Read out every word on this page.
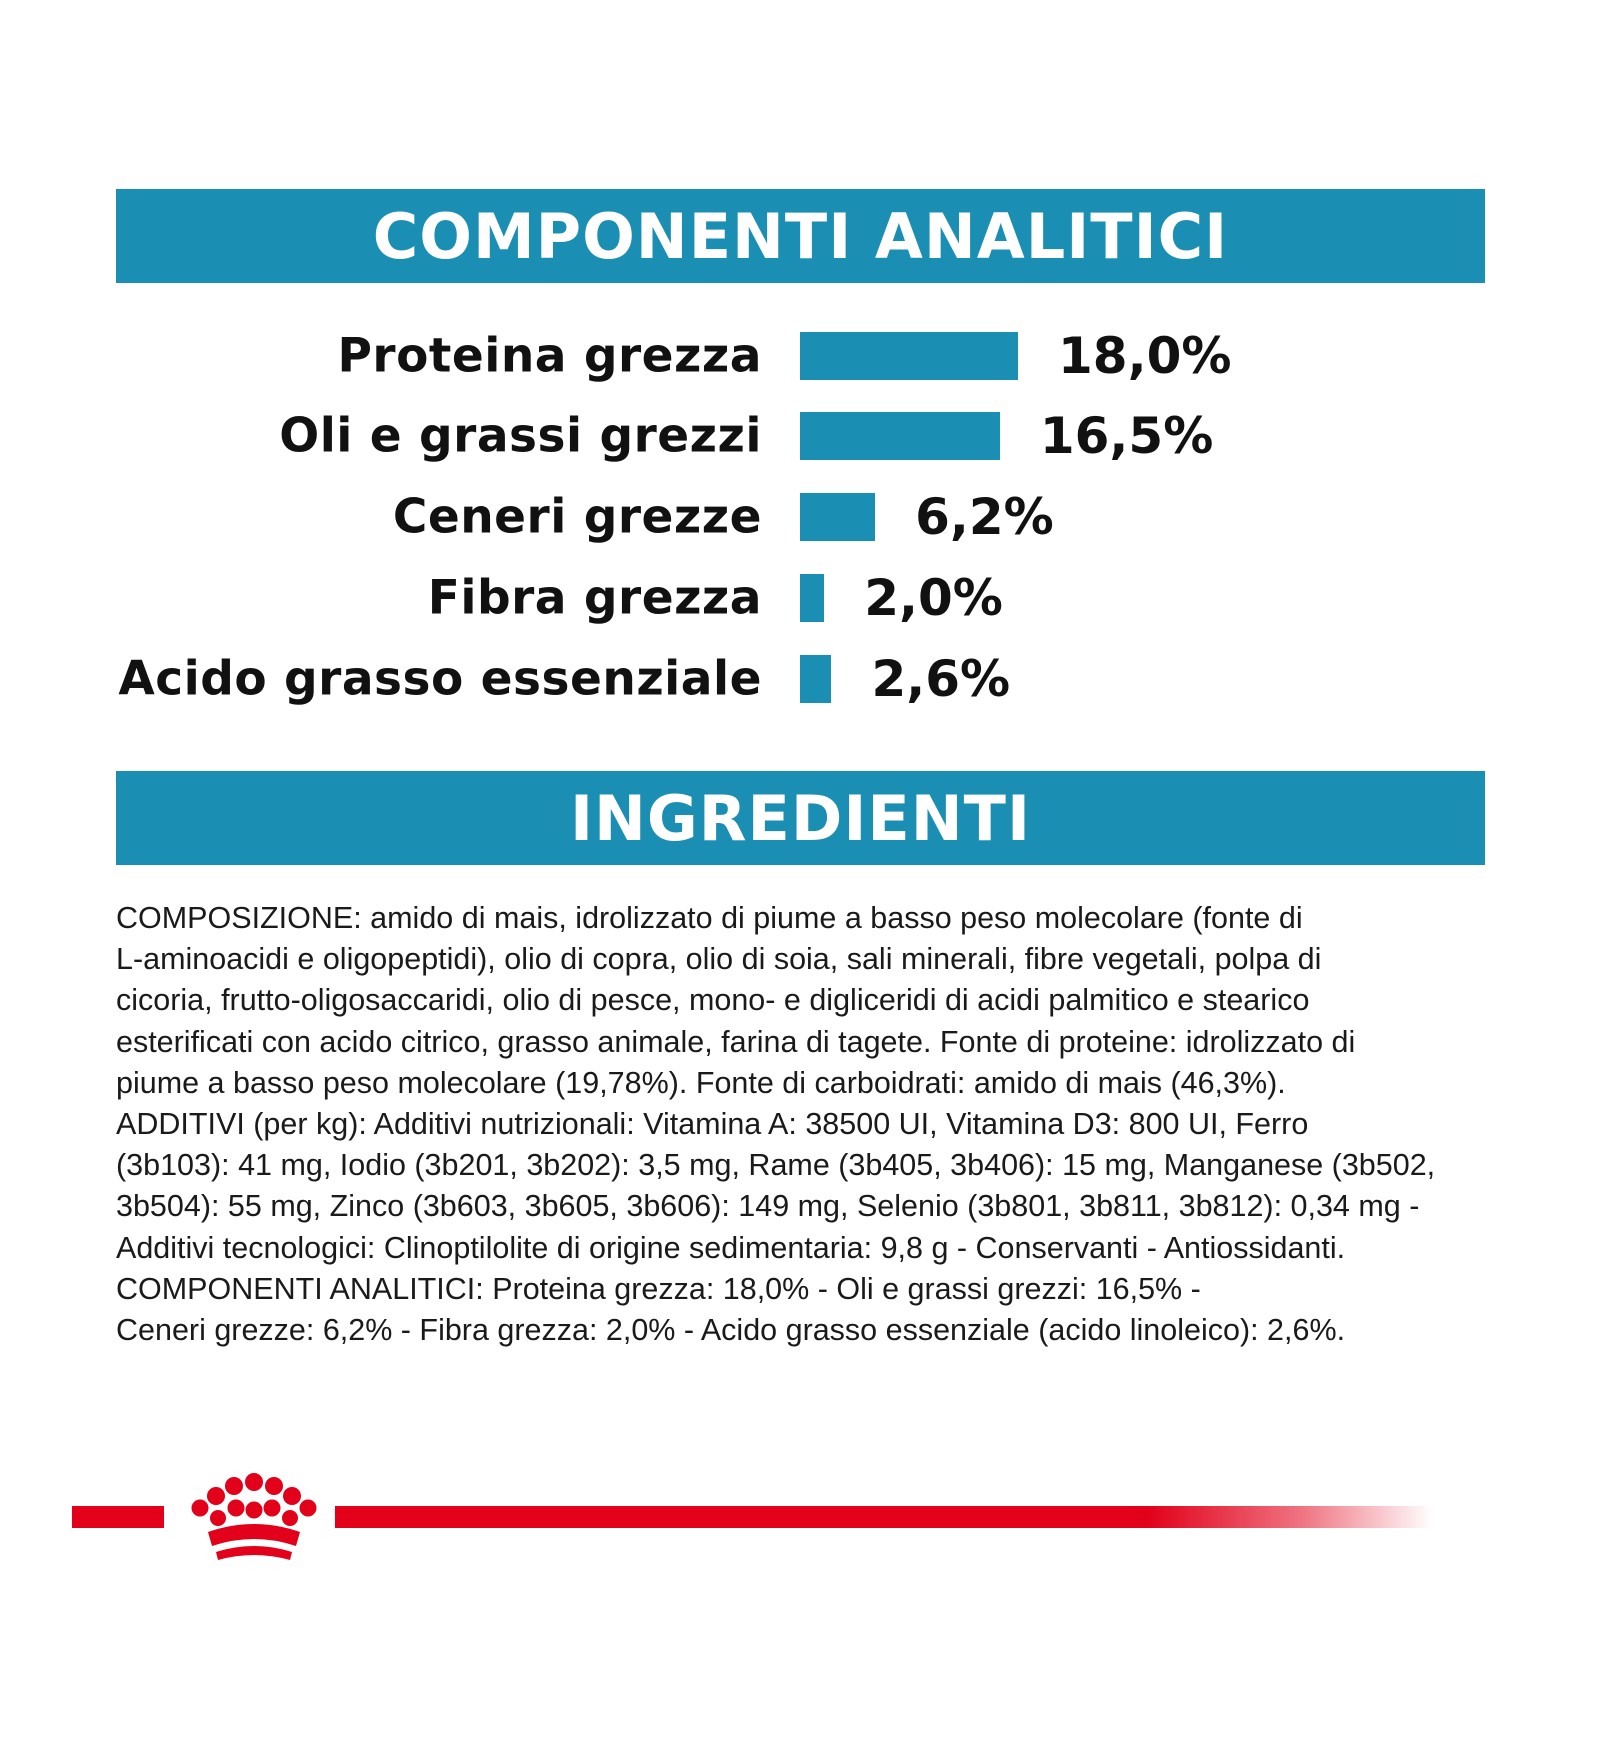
COMPONENTI ANALITICI
Proteina grezza	18,0%
Oli e grassi grezzi	16,5%
Ceneri grezze	6,2%
Fibra grezza 2,0%
Acido grasso essenziale 2,6%
INGREDIENTI

COMPOSIZIONE: amido di mais, idrolizzato di piume a basso peso molecolare (fonte di

L-aminoacidi e oligopeptidi), olio di copra, olio di soia, sali minerali, fibre vegetali, polpa di

cicoria, frutto-oligosaccaridi, olio di pesce, mono- e digliceridi di acidi palmitico e stearico

esterificati con acido citrico, grasso animale, farina di tagete. Fonte di proteine: idrolizzato di

piume a basso peso molecolare (19,78%). Fonte di carboidrati: amido di mais (46,3%).

ADDITIVI (per kg): Additivi nutrizionali: Vitamina A: 38500 UI, Vitamina D3: 800 UI, Ferro

(3b103): 41 mg, Iodio (3b201, 3b202): 3,5 mg, Rame (3b405, 3b406): 15 mg, Manganese (3b502,

3b504): 55 mg, Zinco (3b603, 3b605, 3b606): 149 mg, Selenio (3b801, 3b811, 3b812): 0,34 mg -

Additivi tecnologici: Clinoptilolite di origine sedimentaria: 9,8 g - Conservanti - Antiossidanti.

COMPONENTI ANALITICI: Proteina grezza: 18,0% - Oli e grassi grezzi: 16,5% -

Ceneri grezze: 6,2% - Fibra grezza: 2,0% - Acido grasso essenziale (acido linoleico): 2,6%.
